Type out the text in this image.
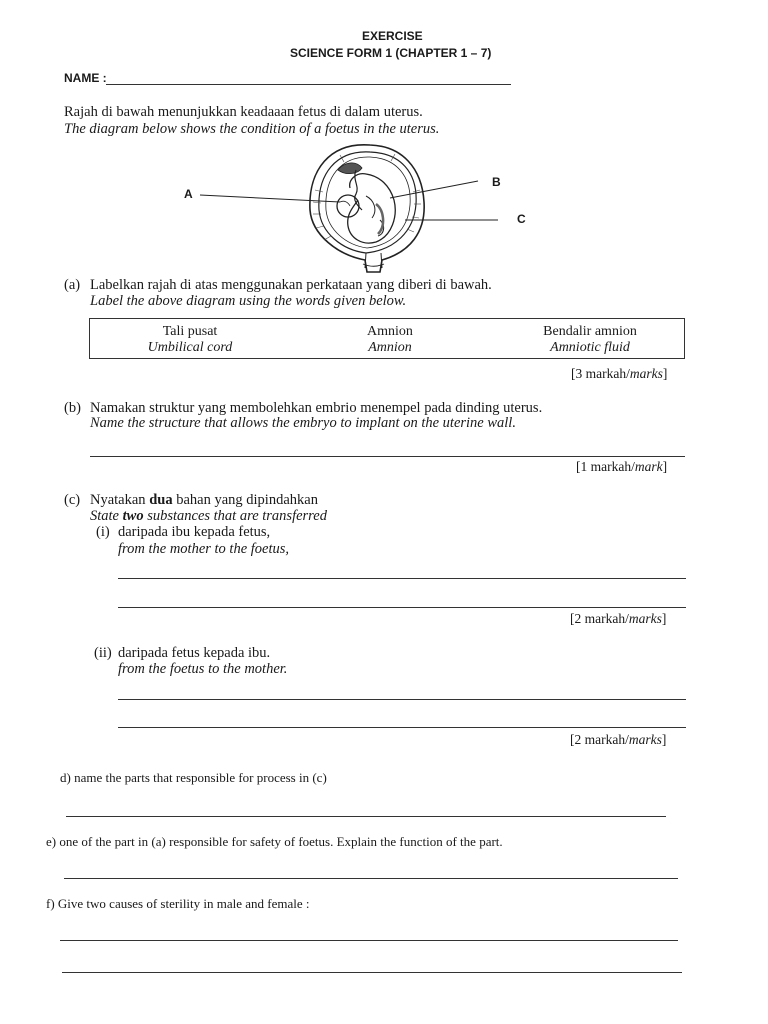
EXERCISE
SCIENCE FORM 1 (CHAPTER 1 – 7)
NAME :
Rajah di bawah menunjukkan keadaaan fetus di dalam uterus.
The diagram below shows the condition of a foetus in the uterus.
A
B
C
(a) Labelkan rajah di atas menggunakan perkataan yang diberi di bawah.
Label the above diagram using the words given below.
Tali pusat
Umbilical cord
Amnion
Amnion
Bendalir amnion
Amniotic fluid
[3 markah/marks]
(b) Namakan struktur yang membolehkan embrio menempel pada dinding uterus.
Name the structure that allows the embryo to implant on the uterine wall.
[1 markah/mark]
(c) Nyatakan dua bahan yang dipindahkan
State two substances that are transferred
(i) daripada ibu kepada fetus,
from the mother to the foetus,
[2 markah/marks]
(ii) daripada fetus kepada ibu.
from the foetus to the mother.
[2 markah/marks]
d) name the parts that responsible for process in (c)
e) one of the part in (a) responsible for safety of foetus. Explain the function of the part.
f) Give two causes of sterility in male and female :
